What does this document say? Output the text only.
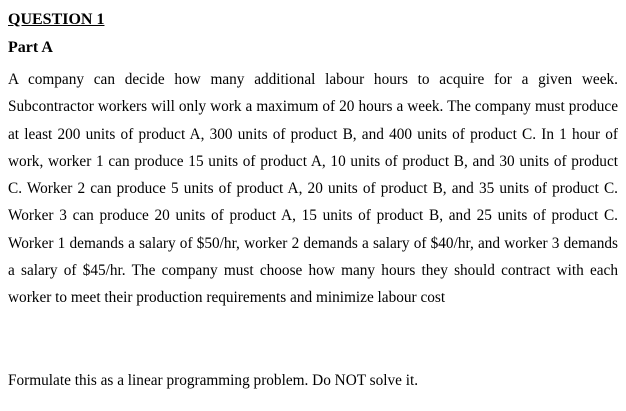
QUESTION 1
Part A

A company can decide how many additional labour hours to acquire for a given week. Subcontractor workers will only work a maximum of 20 hours a week. The company must produce at least 200 units of product A, 300 units of product B, and 400 units of product C. In 1 hour of work, worker 1 can produce 15 units of product A, 10 units of product B, and 30 units of product C. Worker 2 can produce 5 units of product A, 20 units of product B, and 35 units of product C. Worker 3 can produce 20 units of product A, 15 units of product B, and 25 units of product C. Worker 1 demands a salary of $50/hr, worker 2 demands a salary of $40/hr, and worker 3 demands a salary of $45/hr. The company must choose how many hours they should contract with each worker to meet their production requirements and minimize labour cost

Formulate this as a linear programming problem. Do NOT solve it.
